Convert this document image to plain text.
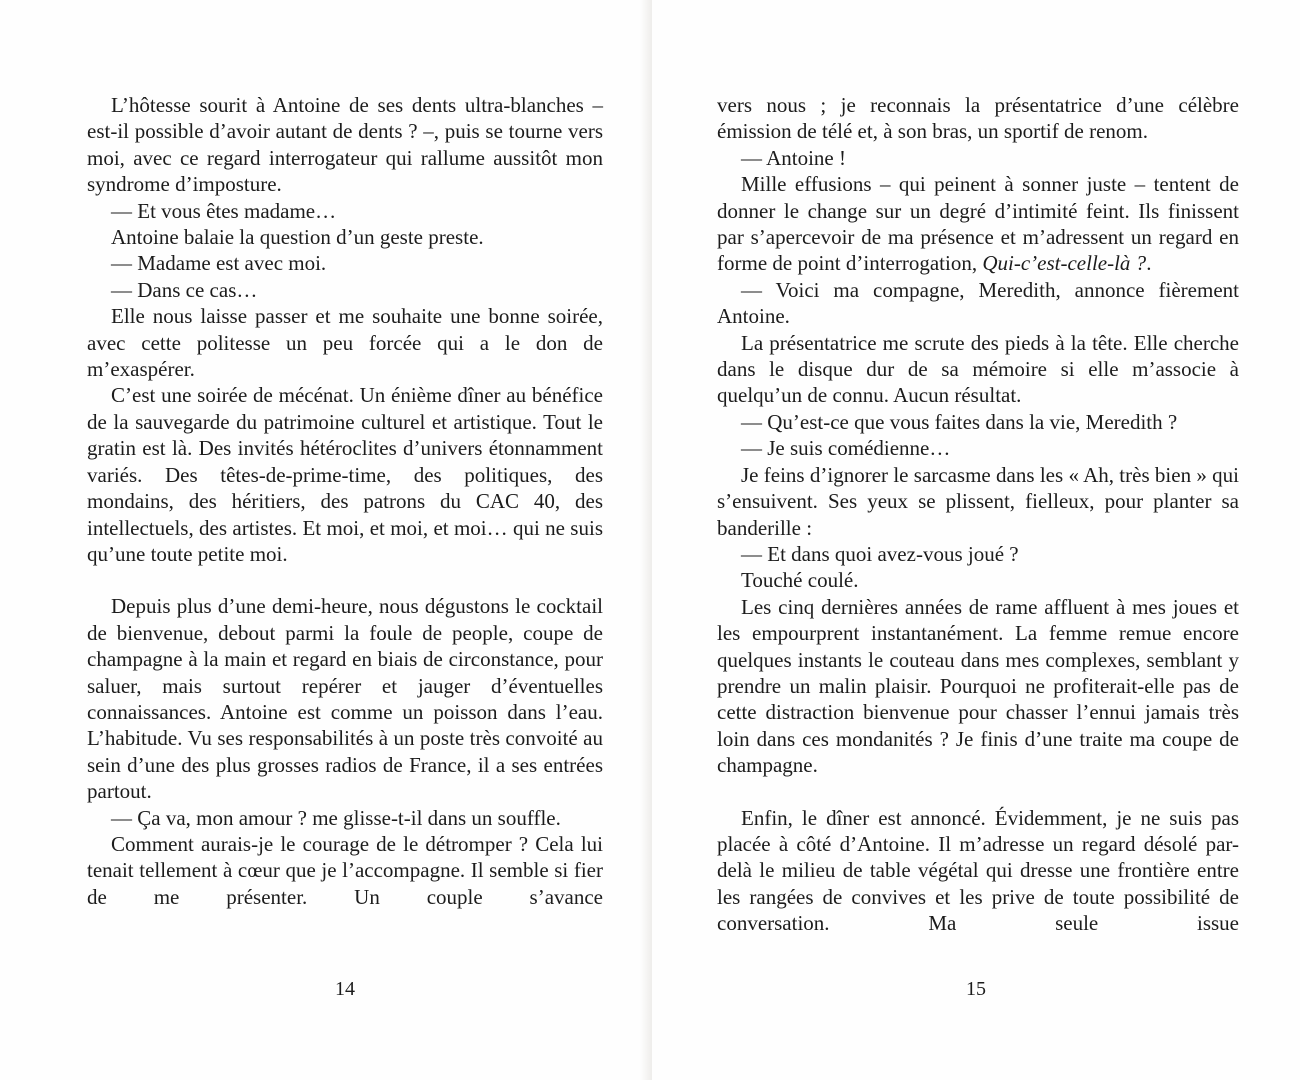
L’hôtesse sourit à Antoine de ses dents ultra-blanches – est-il possible d’avoir autant de dents ? –, puis se tourne vers moi, avec ce regard interrogateur qui rallume aussitôt mon syndrome d’imposture.

— Et vous êtes madame…

Antoine balaie la question d’un geste preste.

— Madame est avec moi.

— Dans ce cas…

Elle nous laisse passer et me souhaite une bonne soirée, avec cette politesse un peu forcée qui a le don de m’exaspérer.

C’est une soirée de mécénat. Un énième dîner au bénéfice de la sauvegarde du patrimoine culturel et artistique. Tout le gratin est là. Des invités hétéroclites d’univers étonnamment variés. Des têtes-de-prime-time, des politiques, des mondains, des héritiers, des patrons du CAC 40, des intellectuels, des artistes. Et moi, et moi, et moi… qui ne suis qu’une toute petite moi.

Depuis plus d’une demi-heure, nous dégustons le cocktail de bienvenue, debout parmi la foule de people, coupe de champagne à la main et regard en biais de circonstance, pour saluer, mais surtout repérer et jauger d’éventuelles connaissances. Antoine est comme un poisson dans l’eau. L’habitude. Vu ses responsabilités à un poste très convoité au sein d’une des plus grosses radios de France, il a ses entrées partout.

— Ça va, mon amour ? me glisse-t-il dans un souffle.

Comment aurais-je le courage de le détromper ? Cela lui tenait tellement à cœur que je l’accompagne. Il semble si fier de me présenter. Un couple s’avance

14

vers nous ; je reconnais la présentatrice d’une célèbre émission de télé et, à son bras, un sportif de renom.

— Antoine !

Mille effusions – qui peinent à sonner juste – tentent de donner le change sur un degré d’intimité feint. Ils finissent par s’apercevoir de ma présence et m’adressent un regard en forme de point d’interrogation, Qui-c’est-celle-là ?.

— Voici ma compagne, Meredith, annonce fièrement Antoine.

La présentatrice me scrute des pieds à la tête. Elle cherche dans le disque dur de sa mémoire si elle m’associe à quelqu’un de connu. Aucun résultat.

— Qu’est-ce que vous faites dans la vie, Meredith ?

— Je suis comédienne…

Je feins d’ignorer le sarcasme dans les « Ah, très bien » qui s’ensuivent. Ses yeux se plissent, fielleux, pour planter sa banderille :

— Et dans quoi avez-vous joué ?

Touché coulé.

Les cinq dernières années de rame affluent à mes joues et les empourprent instantanément. La femme remue encore quelques instants le couteau dans mes complexes, semblant y prendre un malin plaisir. Pourquoi ne profiterait-elle pas de cette distraction bienvenue pour chasser l’ennui jamais très loin dans ces mondanités ? Je finis d’une traite ma coupe de champagne.

Enfin, le dîner est annoncé. Évidemment, je ne suis pas placée à côté d’Antoine. Il m’adresse un regard désolé par-delà le milieu de table végétal qui dresse une frontière entre les rangées de convives et les prive de toute possibilité de conversation. Ma seule issue

15
